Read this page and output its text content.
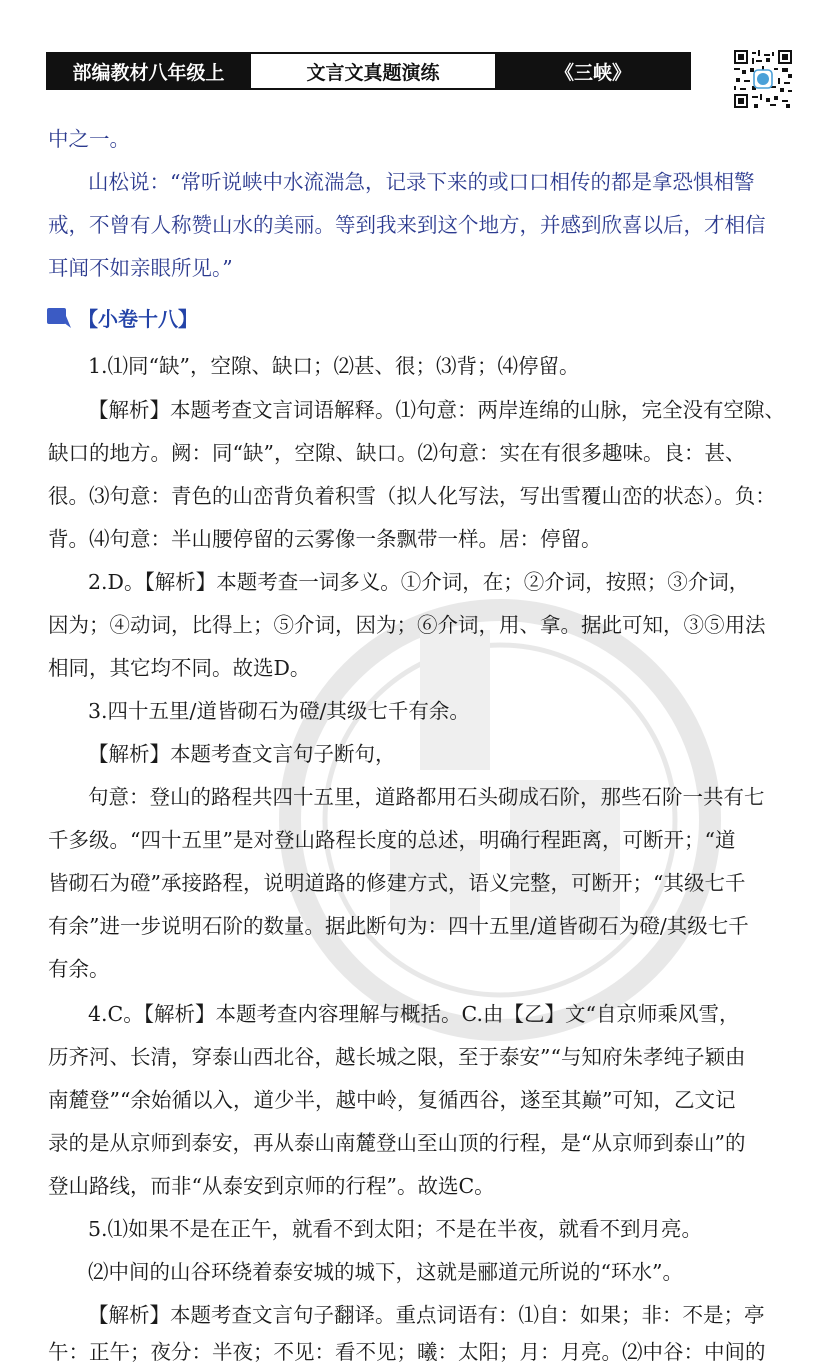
部编教材八年级上	文言文真题演练	《三峡》
中之一。
山松说：“常听说峡中水流湍急，记录下来的或口口相传的都是拿恐惧相警
戒，不曾有人称赞山水的美丽。等到我来到这个地方，并感到欣喜以后，才相信
耳闻不如亲眼所见。”
【小卷十八】
1.⑴同“缺”，空隙、缺口；⑵甚、很；⑶背；⑷停留。
【解析】本题考查文言词语解释。⑴句意：两岸连绵的山脉，完全没有空隙、
缺口的地方。阙：同“缺”，空隙、缺口。⑵句意：实在有很多趣味。良：甚、
很。⑶句意：青色的山峦背负着积雪（拟人化写法，写出雪覆山峦的状态）。负：
背。⑷句意：半山腰停留的云雾像一条飘带一样。居：停留。
2.D。【解析】本题考查一词多义。①介词，在；②介词，按照；③介词，
因为；④动词，比得上；⑤介词，因为；⑥介词，用、拿。据此可知，③⑤用法
相同，其它均不同。故选D。
3.四十五里/道皆砌石为磴/其级七千有余。
【解析】本题考查文言句子断句，
句意：登山的路程共四十五里，道路都用石头砌成石阶，那些石阶一共有七
千多级。“四十五里”是对登山路程长度的总述，明确行程距离，可断开；“道
皆砌石为磴”承接路程，说明道路的修建方式，语义完整，可断开；“其级七千
有余”进一步说明石阶的数量。据此断句为：四十五里/道皆砌石为磴/其级七千
有余。
4.C。【解析】本题考查内容理解与概括。C.由【乙】文“自京师乘风雪，
历齐河、长清，穿泰山西北谷，越长城之限，至于泰安”“与知府朱孝纯子颖由
南麓登”“余始循以入，道少半，越中岭，复循西谷，遂至其巅”可知，乙文记
录的是从京师到泰安，再从泰山南麓登山至山顶的行程，是“从京师到泰山”的
登山路线，而非“从泰安到京师的行程”。故选C。
5.⑴如果不是在正午，就看不到太阳；不是在半夜，就看不到月亮。
⑵中间的山谷环绕着泰安城的城下，这就是郦道元所说的“环水”。
【解析】本题考查文言句子翻译。重点词语有：⑴自：如果；非：不是；亭
午：正午；夜分：半夜；不见：看不见；曦：太阳；月：月亮。⑵中谷：中间的
